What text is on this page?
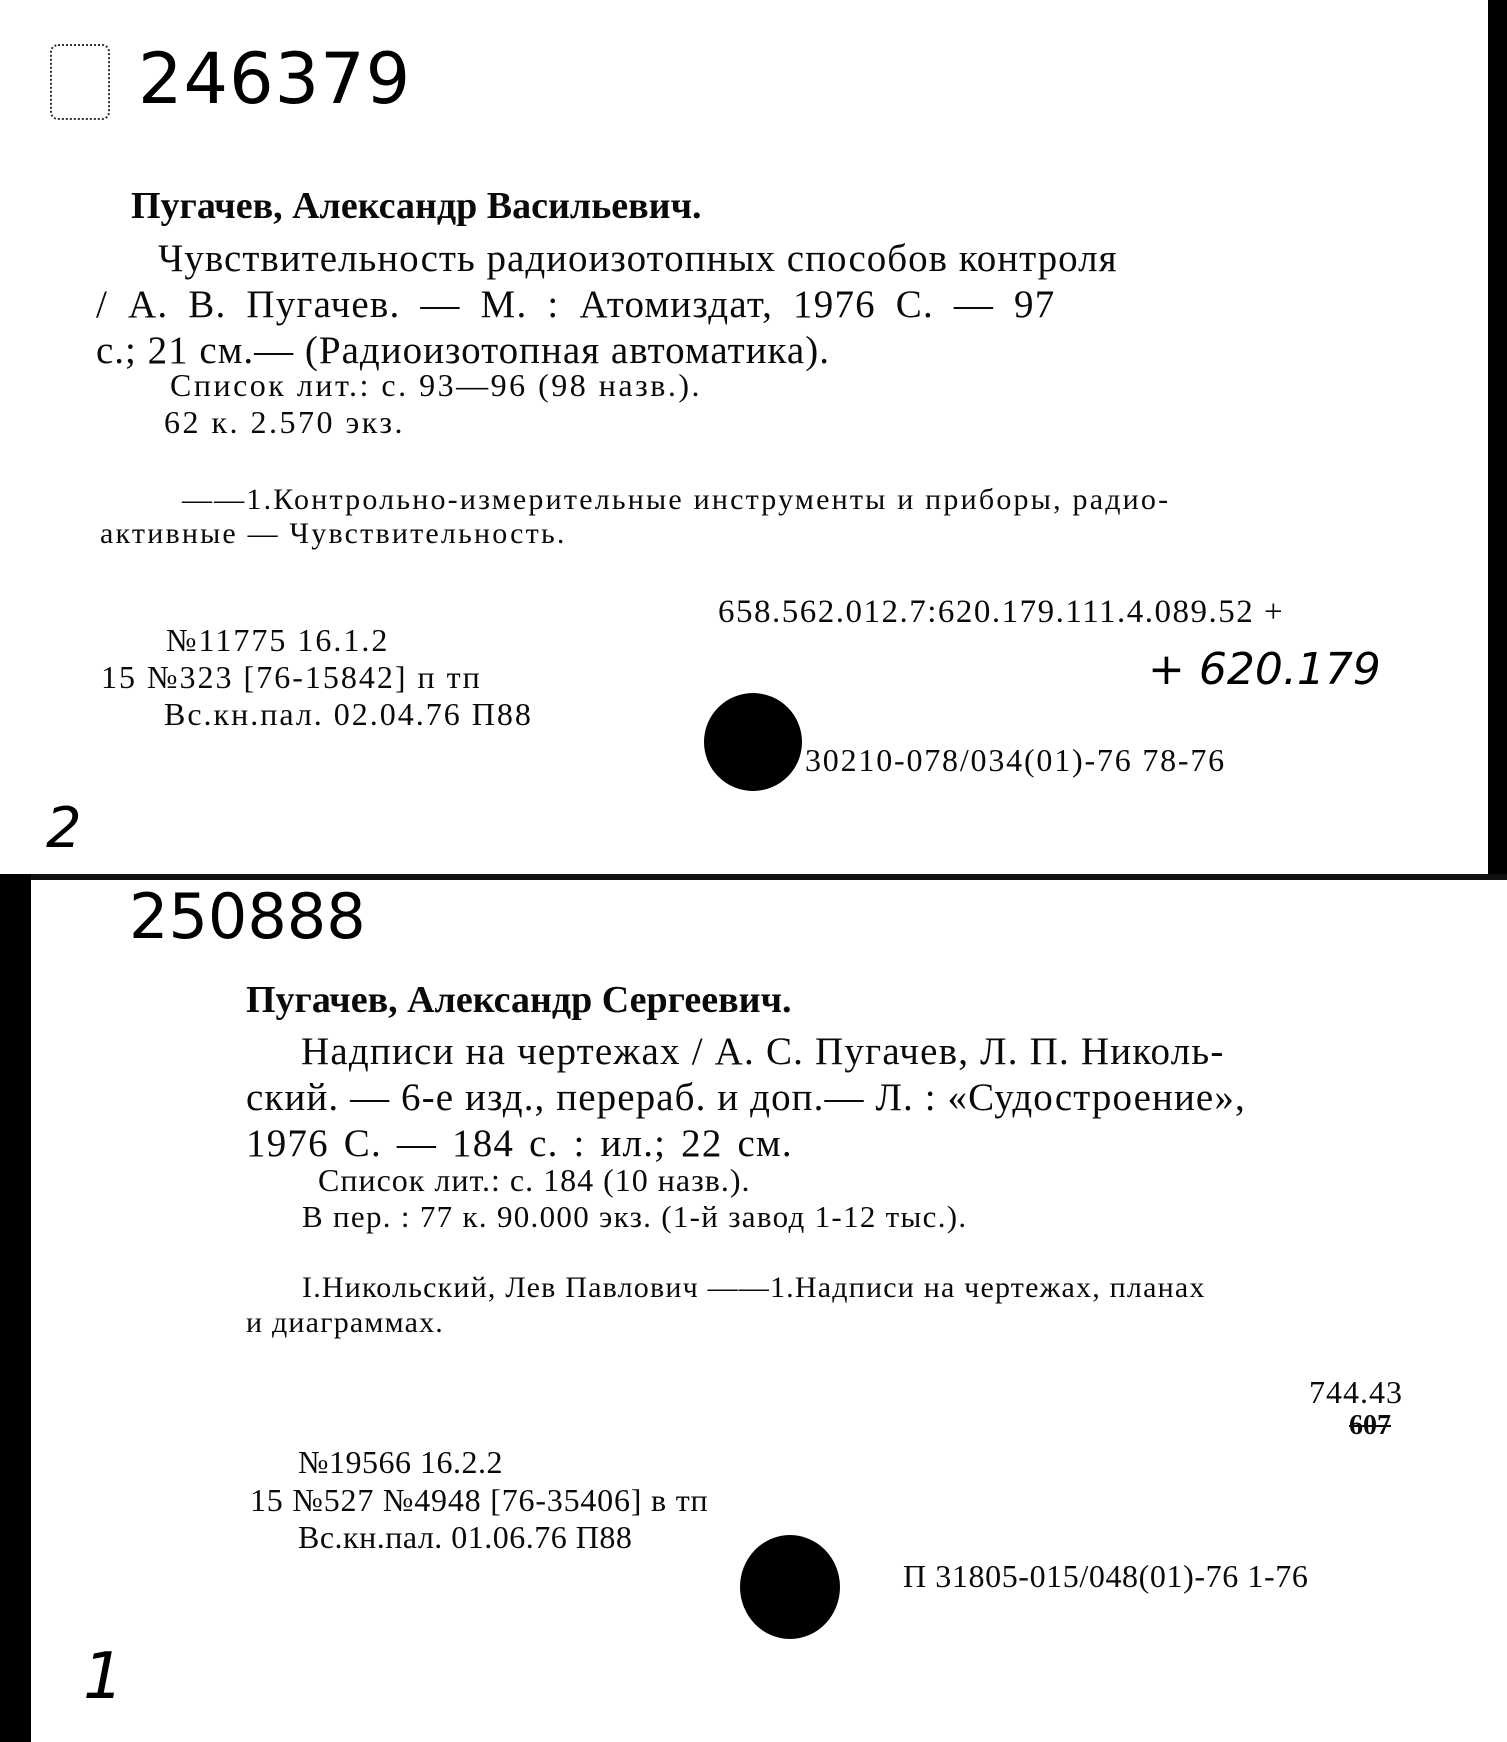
246379
Пугачев, Александр Васильевич.
Чувствительность радиоизотопных способов контроля
/ А. В. Пугачев. — М. : Атомиздат, 1976 С. — 97
с.; 21 см.— (Радиоизотопная автоматика).
Список лит.: с. 93—96 (98 назв.).
62 к. 2.570 экз.
——1.Контрольно-измерительные инструменты и приборы, радио-
активные — Чувствительность.
658.562.012.7:620.179.111.4.089.52 +
+ 620.179
№11775 16.1.2
15 №323 [76-15842] п тп
Вс.кн.пал. 02.04.76 П88
30210-078/034(01)-76 78-76
2
250888
Пугачев, Александр Сергеевич.
Надписи на чертежах / А. С. Пугачев, Л. П. Николь-
ский. — 6-е изд., перераб. и доп.— Л. : «Судостроение»,
1976 С. — 184 с. : ил.; 22 см.
Список лит.: с. 184 (10 назв.).
В пер. : 77 к. 90.000 экз. (1-й завод 1-12 тыс.).
I.Никольский, Лев Павлович ——1.Надписи на чертежах, планах
и диаграммах.
744.43
607
№19566 16.2.2
15 №527 №4948 [76-35406] в тп
Вс.кн.пал. 01.06.76 П88
П 31805-015/048(01)-76 1-76
1
